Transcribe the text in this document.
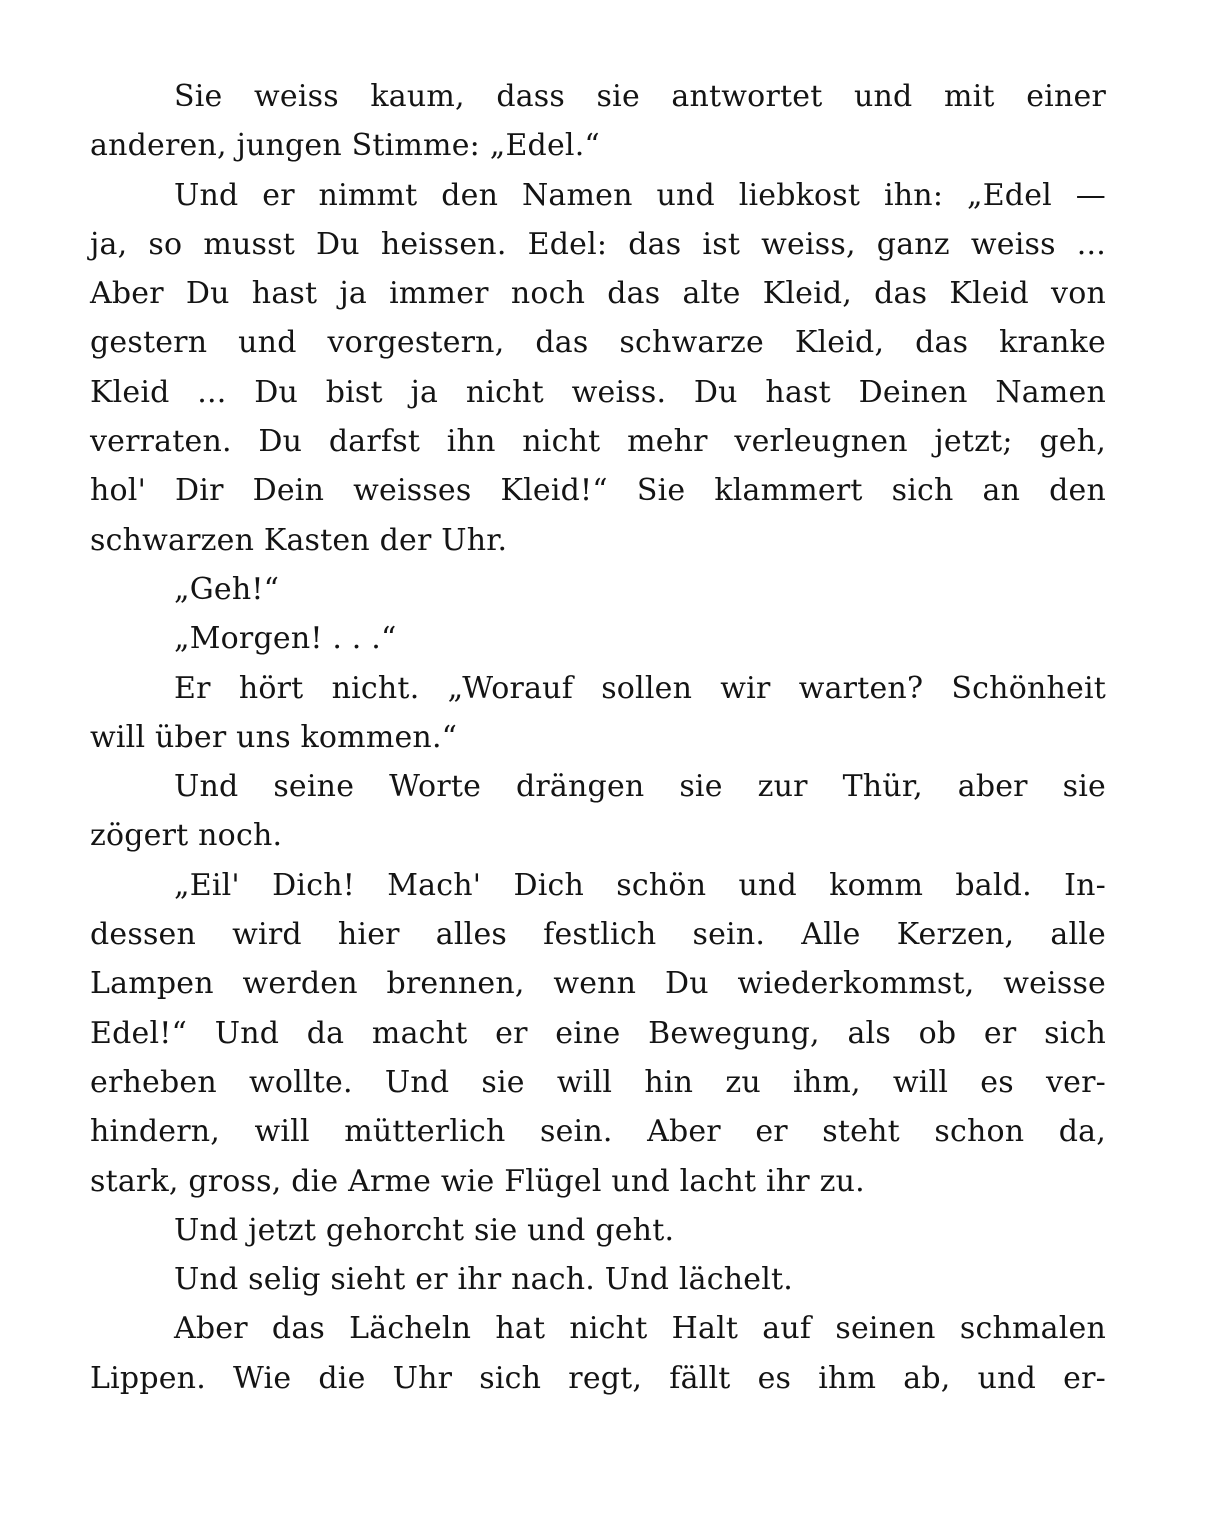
Sie weiss kaum, dass sie antwortet und mit einer
anderen, jungen Stimme: „Edel.“
Und er nimmt den Namen und liebkost ihn: „Edel —
ja, so musst Du heissen. Edel: das ist weiss, ganz weiss ...
Aber Du hast ja immer noch das alte Kleid, das Kleid von
gestern und vorgestern, das schwarze Kleid, das kranke
Kleid ... Du bist ja nicht weiss. Du hast Deinen Namen
verraten. Du darfst ihn nicht mehr verleugnen jetzt; geh,
hol' Dir Dein weisses Kleid!“ Sie klammert sich an den
schwarzen Kasten der Uhr.
„Geh!“
„Morgen! . . .“
Er hört nicht. „Worauf sollen wir warten? Schönheit
will über uns kommen.“
Und seine Worte drängen sie zur Thür, aber sie
zögert noch.
„Eil' Dich! Mach' Dich schön und komm bald. In-
dessen wird hier alles festlich sein. Alle Kerzen, alle
Lampen werden brennen, wenn Du wiederkommst, weisse
Edel!“ Und da macht er eine Bewegung, als ob er sich
erheben wollte. Und sie will hin zu ihm, will es ver-
hindern, will mütterlich sein. Aber er steht schon da,
stark, gross, die Arme wie Flügel und lacht ihr zu.
Und jetzt gehorcht sie und geht.
Und selig sieht er ihr nach. Und lächelt.
Aber das Lächeln hat nicht Halt auf seinen schmalen
Lippen. Wie die Uhr sich regt, fällt es ihm ab, und er-
